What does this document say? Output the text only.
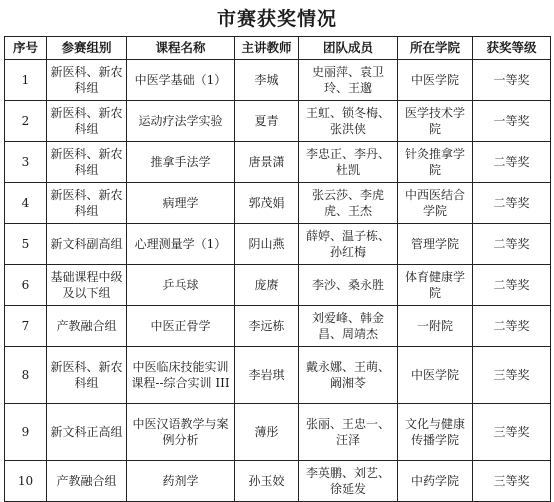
市赛获奖情况
序号	参赛组别	课程名称	主讲教师	团队成员	所在学院	获奖等级
1	新医科、新农科组	中医学基础（1）	李城	史丽萍、袁卫玲、王邈	中医学院	一等奖
2	新医科、新农科组	运动疗法学实验	夏青	王虹、锁冬梅、张洪侠	医学技术学院	一等奖
3	新医科、新农科组	推拿手法学	唐景潇	李忠正、李丹、杜凯	针灸推拿学院	二等奖
4	新医科、新农科组	病理学	郭茂娟	张云莎、李虎虎、王杰	中西医结合学院	二等奖
5	新文科副高组	心理测量学（1）	阴山燕	薛婷、温子栋、孙红梅	管理学院	二等奖
6	基础课程中级及以下组	乒乓球	庞赓	李沙、桑永胜	体育健康学院	二等奖
7	产教融合组	中医正骨学	李远栋	刘爱峰、韩金昌、周靖杰	一附院	二等奖
8	新医科、新农科组	中医临床技能实训课程--综合实训 III	李岩琪	戴永娜、王萌、阚湘苓	中医学院	三等奖
9	新文科正高组	中医汉语教学与案例分析	薄彤	张丽、王忠一、汪泽	文化与健康传播学院	三等奖
10	产教融合组	药剂学	孙玉姣	李英鹏、刘艺、徐延发	中药学院	三等奖
